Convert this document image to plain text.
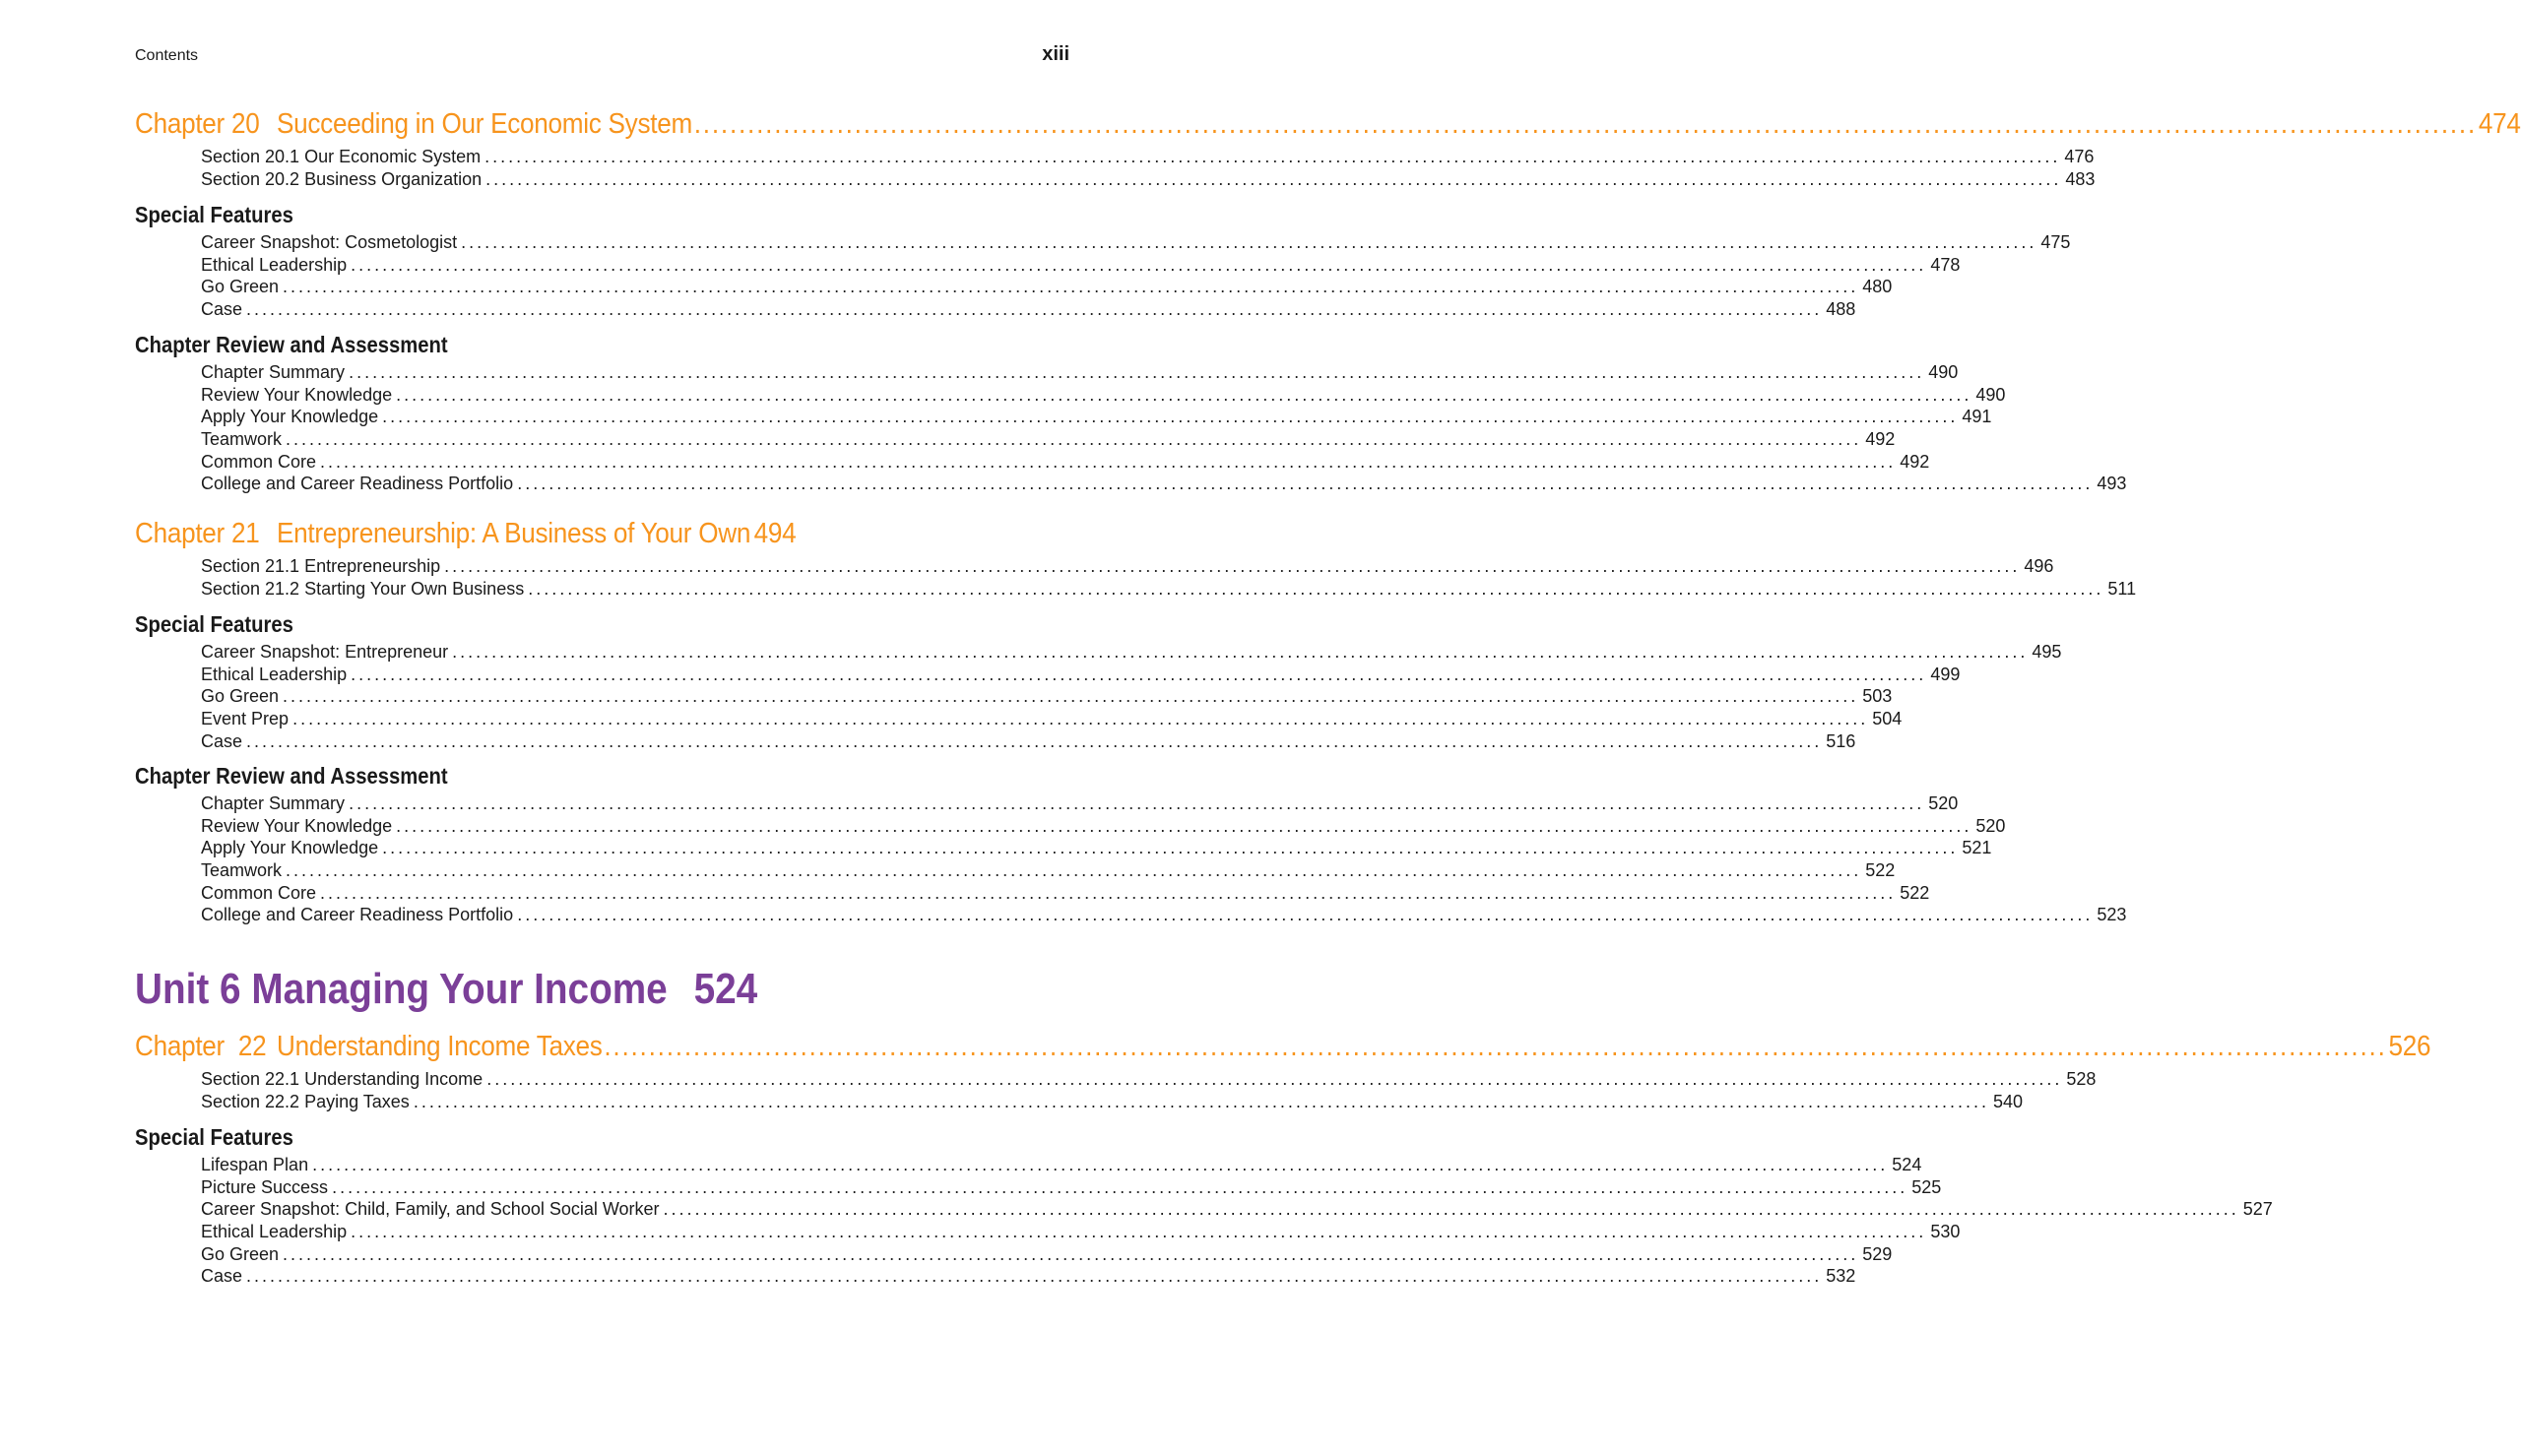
Contents	xiii
Chapter 20 Succeeding in Our Economic System ........................................................................................................................................................................................................ 474
Section 20.1 Our Economic System ........................................................................................................................................................................................................ 476
Section 20.2 Business Organization ........................................................................................................................................................................................................ 483
Special Features
Career Snapshot: Cosmetologist ........................................................................................................................................................................................................ 475
Ethical Leadership ........................................................................................................................................................................................................ 478
Go Green ........................................................................................................................................................................................................ 480
Case ........................................................................................................................................................................................................ 488
Chapter Review and Assessment
Chapter Summary ........................................................................................................................................................................................................ 490
Review Your Knowledge ........................................................................................................................................................................................................ 490
Apply Your Knowledge ........................................................................................................................................................................................................ 491
Teamwork ........................................................................................................................................................................................................ 492
Common Core ........................................................................................................................................................................................................ 492
College and Career Readiness Portfolio ........................................................................................................................................................................................................ 493
Chapter 21 Entrepreneurship: A Business of Your Own 494
Section 21.1 Entrepreneurship ........................................................................................................................................................................................................ 496
Section 21.2 Starting Your Own Business ........................................................................................................................................................................................................ 511
Special Features
Career Snapshot: Entrepreneur ........................................................................................................................................................................................................ 495
Ethical Leadership ........................................................................................................................................................................................................ 499
Go Green ........................................................................................................................................................................................................ 503
Event Prep ........................................................................................................................................................................................................ 504
Case ........................................................................................................................................................................................................ 516
Chapter Review and Assessment
Chapter Summary ........................................................................................................................................................................................................ 520
Review Your Knowledge ........................................................................................................................................................................................................ 520
Apply Your Knowledge ........................................................................................................................................................................................................ 521
Teamwork ........................................................................................................................................................................................................ 522
Common Core ........................................................................................................................................................................................................ 522
College and Career Readiness Portfolio ........................................................................................................................................................................................................ 523
Unit 6 Managing Your Income 524
Chapter  22 Understanding Income Taxes ........................................................................................................................................................................................................ 526
Section 22.1 Understanding Income ........................................................................................................................................................................................................ 528
Section 22.2 Paying Taxes ........................................................................................................................................................................................................ 540
Special Features
Lifespan Plan ........................................................................................................................................................................................................ 524
Picture Success ........................................................................................................................................................................................................ 525
Career Snapshot: Child, Family, and School Social Worker ........................................................................................................................................................................................................ 527
Ethical Leadership ........................................................................................................................................................................................................ 530
Go Green ........................................................................................................................................................................................................ 529
Case ........................................................................................................................................................................................................ 532
